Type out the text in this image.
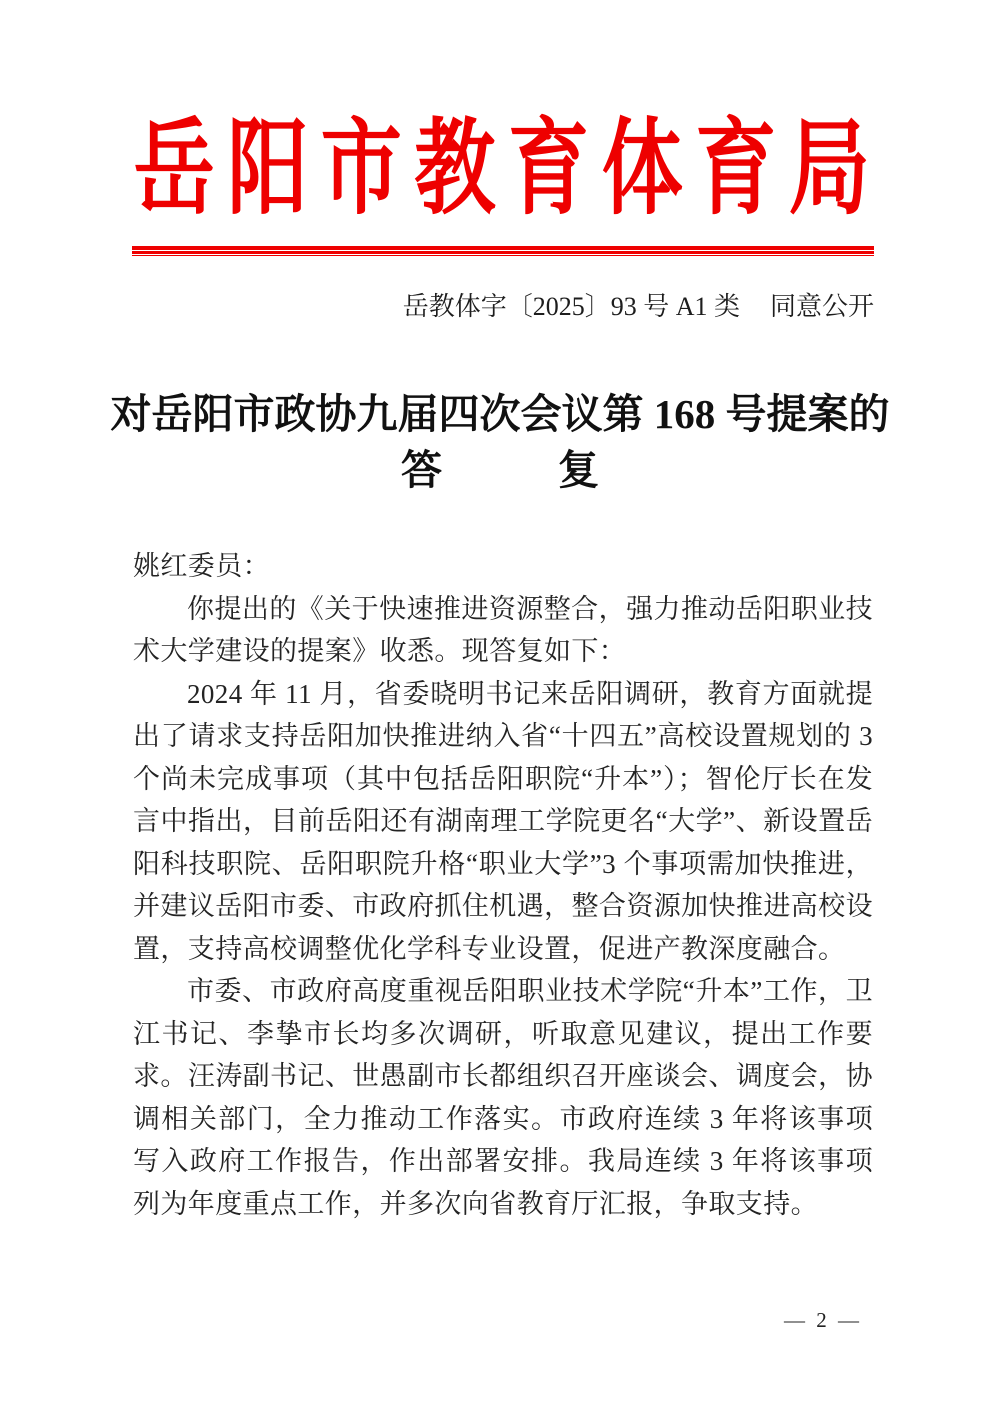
岳阳市教育体育局
岳教体字〔2025〕93 号 A1 类 同意公开
对岳阳市政协九届四次会议第 168 号提案的
答	复

姚红委员：

你提出的《关于快速推进资源整合，强力推动岳阳职业技术大学建设的提案》收悉。现答复如下：

2024 年 11 月，省委晓明书记来岳阳调研，教育方面就提出了请求支持岳阳加快推进纳入省“十四五”高校设置规划的 3 个尚未完成事项（其中包括岳阳职院“升本”）；智伦厅长在发言中指出，目前岳阳还有湖南理工学院更名“大学”、新设置岳阳科技职院、岳阳职院升格“职业大学”3 个事项需加快推进，并建议岳阳市委、市政府抓住机遇，整合资源加快推进高校设置，支持高校调整优化学科专业设置，促进产教深度融合。

市委、市政府高度重视岳阳职业技术学院“升本”工作，卫江书记、李挚市长均多次调研，听取意见建议，提出工作要求。汪涛副书记、世愚副市长都组织召开座谈会、调度会，协调相关部门，全力推动工作落实。市政府连续 3 年将该事项写入政府工作报告，作出部署安排。我局连续 3 年将该事项列为年度重点工作，并多次向省教育厅汇报，争取支持。

— 2 —
